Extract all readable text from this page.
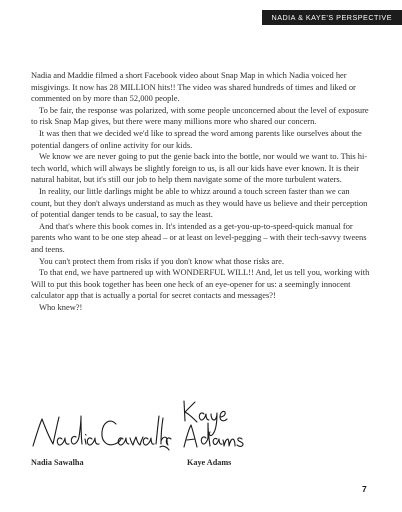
NADIA & KAYE'S PERSPECTIVE

Nadia and Maddie filmed a short Facebook video about Snap Map in which Nadia voiced her misgivings. It now has 28 MILLION hits!! The video was shared hundreds of times and liked or commented on by more than 52,000 people.

To be fair, the response was polarized, with some people unconcerned about the level of exposure to risk Snap Map gives, but there were many millions more who shared our concern.

It was then that we decided we'd like to spread the word among parents like ourselves about the potential dangers of online activity for our kids.

We know we are never going to put the genie back into the bottle, nor would we want to. This hi-tech world, which will always be slightly foreign to us, is all our kids have ever known. It is their natural habitat, but it's still our job to help them navigate some of the more turbulent waters.

In reality, our little darlings might be able to whizz around a touch screen faster than we can count, but they don't always understand as much as they would have us believe and their perception of potential danger tends to be casual, to say the least.

And that's where this book comes in. It's intended as a get-you-up-to-speed-quick manual for parents who want to be one step ahead – or at least on level-pegging – with their tech-savvy tweens and teens.

You can't protect them from risks if you don't know what those risks are.

To that end, we have partnered up with WONDERFUL WILL!! And, let us tell you, working with Will to put this book together has been one heck of an eye-opener for us: a seemingly innocent calculator app that is actually a portal for secret contacts and messages?!

Who knew?!

Nadia Sawalha	Kaye Adams
7
